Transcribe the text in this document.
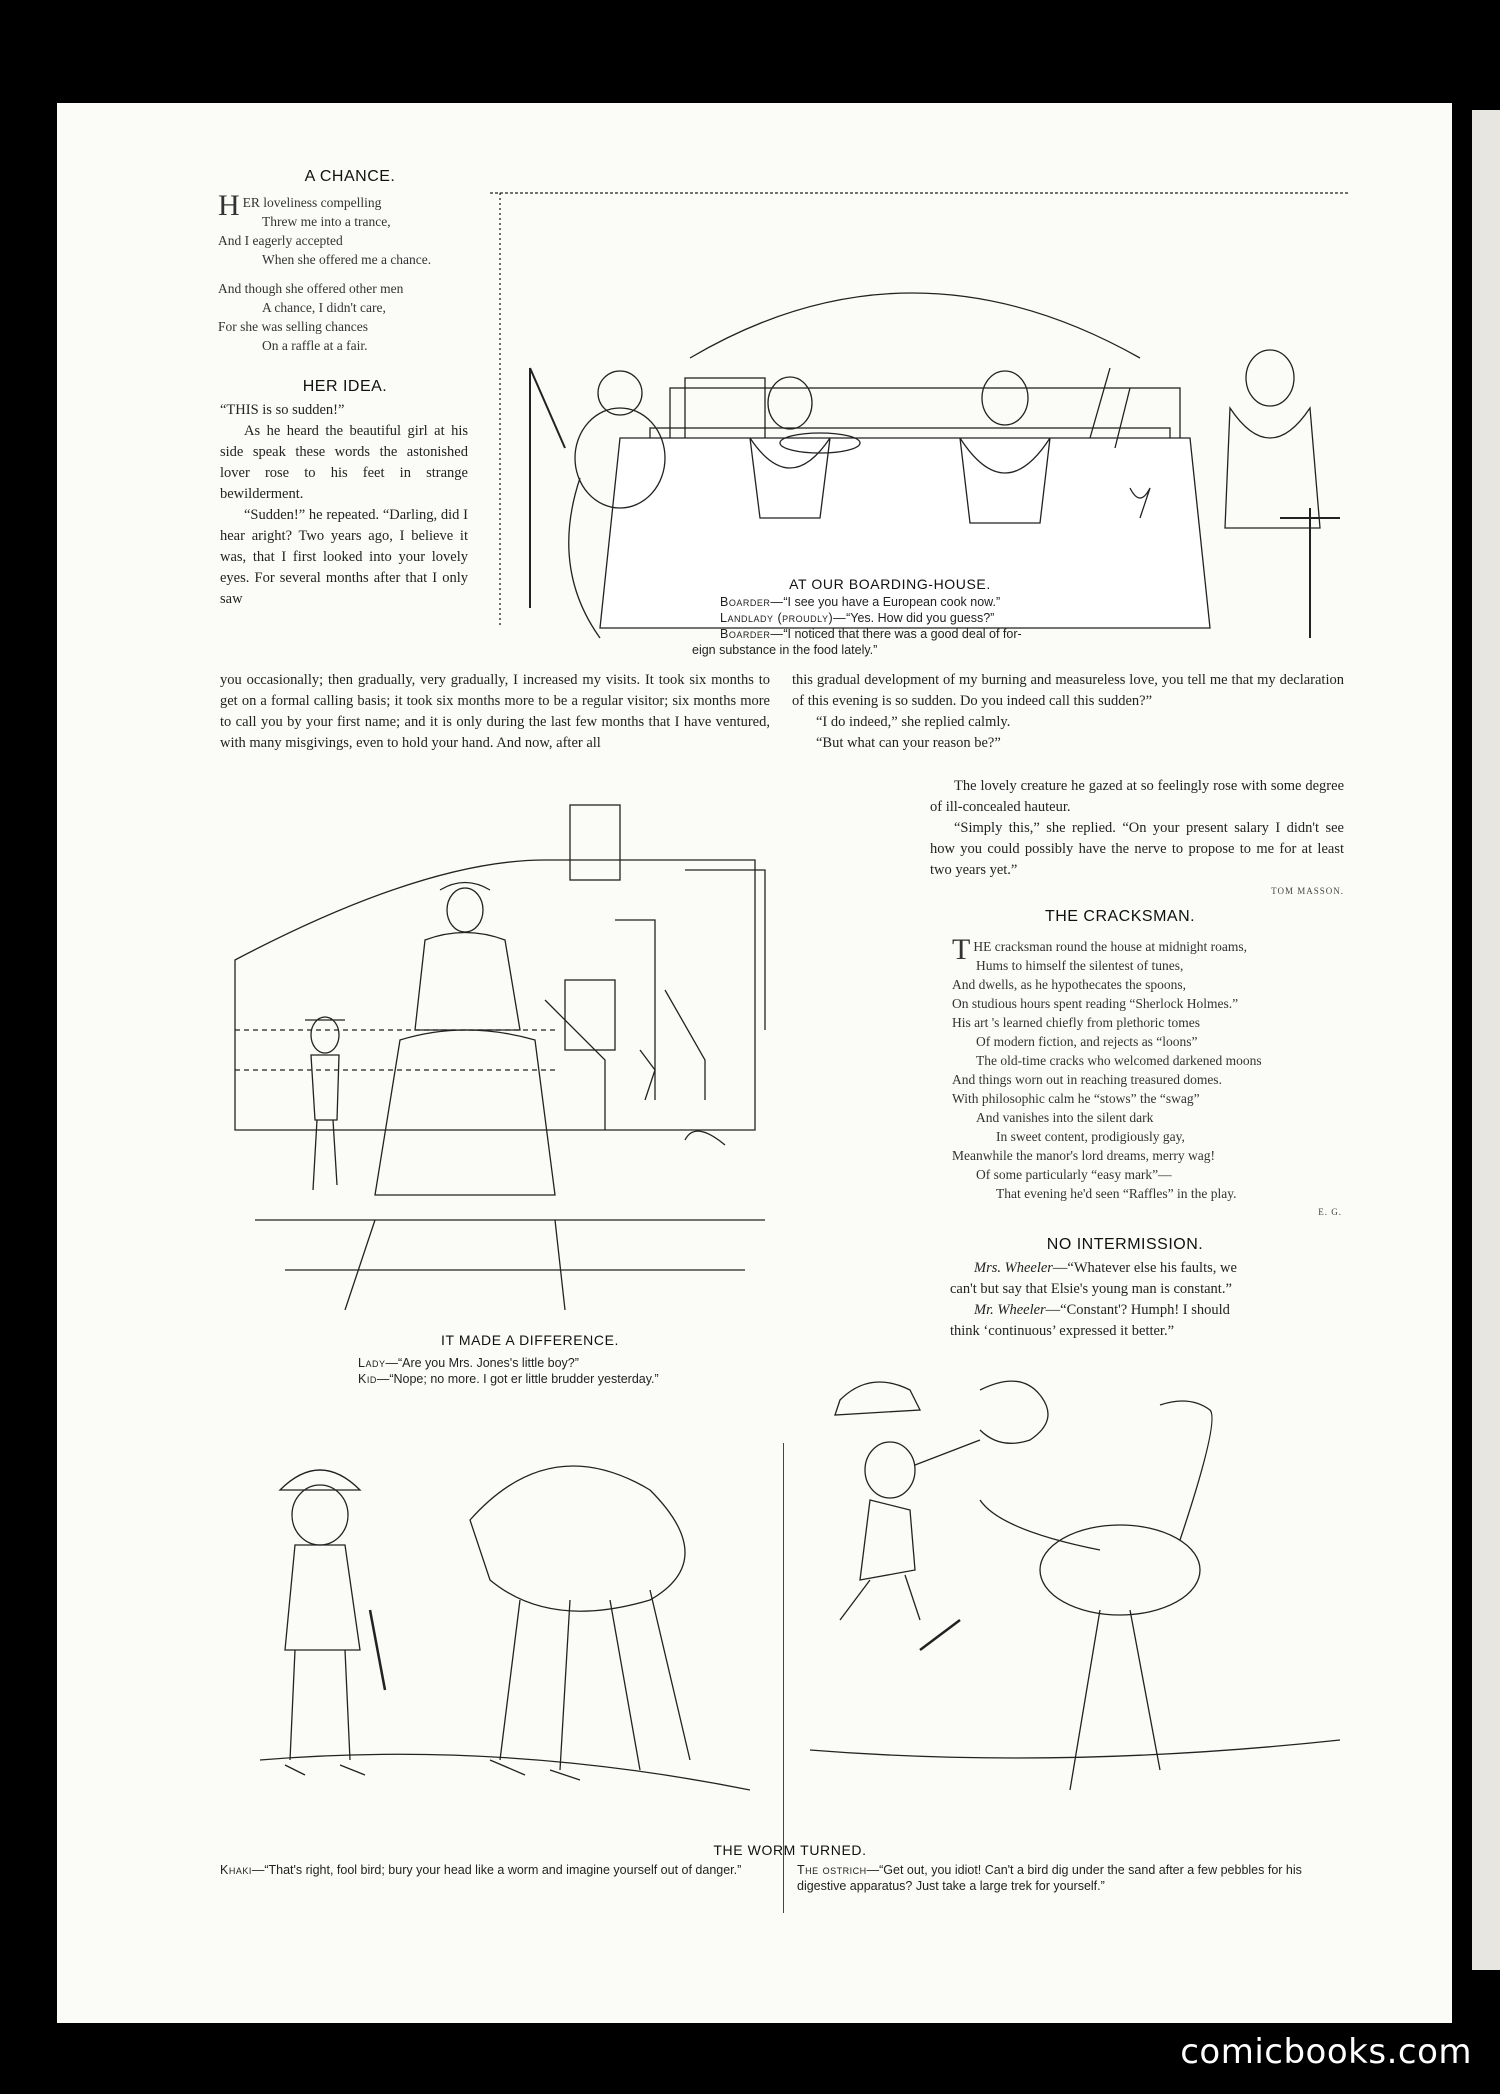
A CHANCE.
H ER loveliness compelling
Threw me into a trance,
And I eagerly accepted
When she offered me a chance.
And though she offered other men
A chance, I didn't care,
For she was selling chances
On a raffle at a fair.
HER IDEA.

“THIS is so sudden!”

As he heard the beautiful girl at his side speak these words the astonished lover rose to his feet in strange bewilderment.

“Sudden!” he repeated. “Darling, did I hear aright? Two years ago, I believe it was, that I first looked into your lovely eyes. For several months after that I only saw

you occasionally; then gradually, very gradually, I increased my visits. It took six months to get on a formal calling basis; it took six months more to be a regular visitor; six months more to call you by your first name; and it is only during the last few months that I have ventured, with many misgivings, even to hold your hand. And now, after all

this gradual development of my burning and measureless love, you tell me that my declaration of this evening is so sudden. Do you indeed call this sudden?”

“I do indeed,” she replied calmly.

“But what can your reason be?”

The lovely creature he gazed at so feelingly rose with some degree of ill-concealed hauteur.

“Simply this,” she replied. “On your present salary I didn't see how you could possibly have the nerve to propose to me for at least two years yet.”

TOM MASSON.
AT OUR BOARDING-HOUSE.
Boarder—“I see you have a European cook now.”
Landlady (proudly)—“Yes. How did you guess?”
Boarder—“I noticed that there was a good deal of for-
eign substance in the food lately.”
IT MADE A DIFFERENCE.
Lady—“Are you Mrs. Jones's little boy?”
Kid—“Nope; no more. I got er little brudder yesterday.”
THE CRACKSMAN.
T HE cracksman round the house at midnight roams,
Hums to himself the silentest of tunes,
And dwells, as he hypothecates the spoons,
On studious hours spent reading “Sherlock Holmes.”
His art 's learned chiefly from plethoric tomes
Of modern fiction, and rejects as “loons”
The old-time cracks who welcomed darkened moons
And things worn out in reaching treasured domes.
With philosophic calm he “stows” the “swag”
And vanishes into the silent dark
In sweet content, prodigiously gay,
Meanwhile the manor's lord dreams, merry wag!
Of some particularly “easy mark”—
That evening he'd seen “Raffles” in the play.
E. G.
NO INTERMISSION.
Mrs. Wheeler—“Whatever else his faults, we
can't but say that Elsie's young man is constant.”
Mr. Wheeler—“Constant'? Humph! I should
think ‘continuous’ expressed it better.”
THE WORM TURNED.
Khaki—“That's right, fool bird; bury your head like a worm and imagine yourself out of danger.”	The ostrich—“Get out, you idiot! Can't a bird dig under the sand after a few pebbles for his digestive apparatus? Just take a large trek for yourself.”
comicbooks.com
